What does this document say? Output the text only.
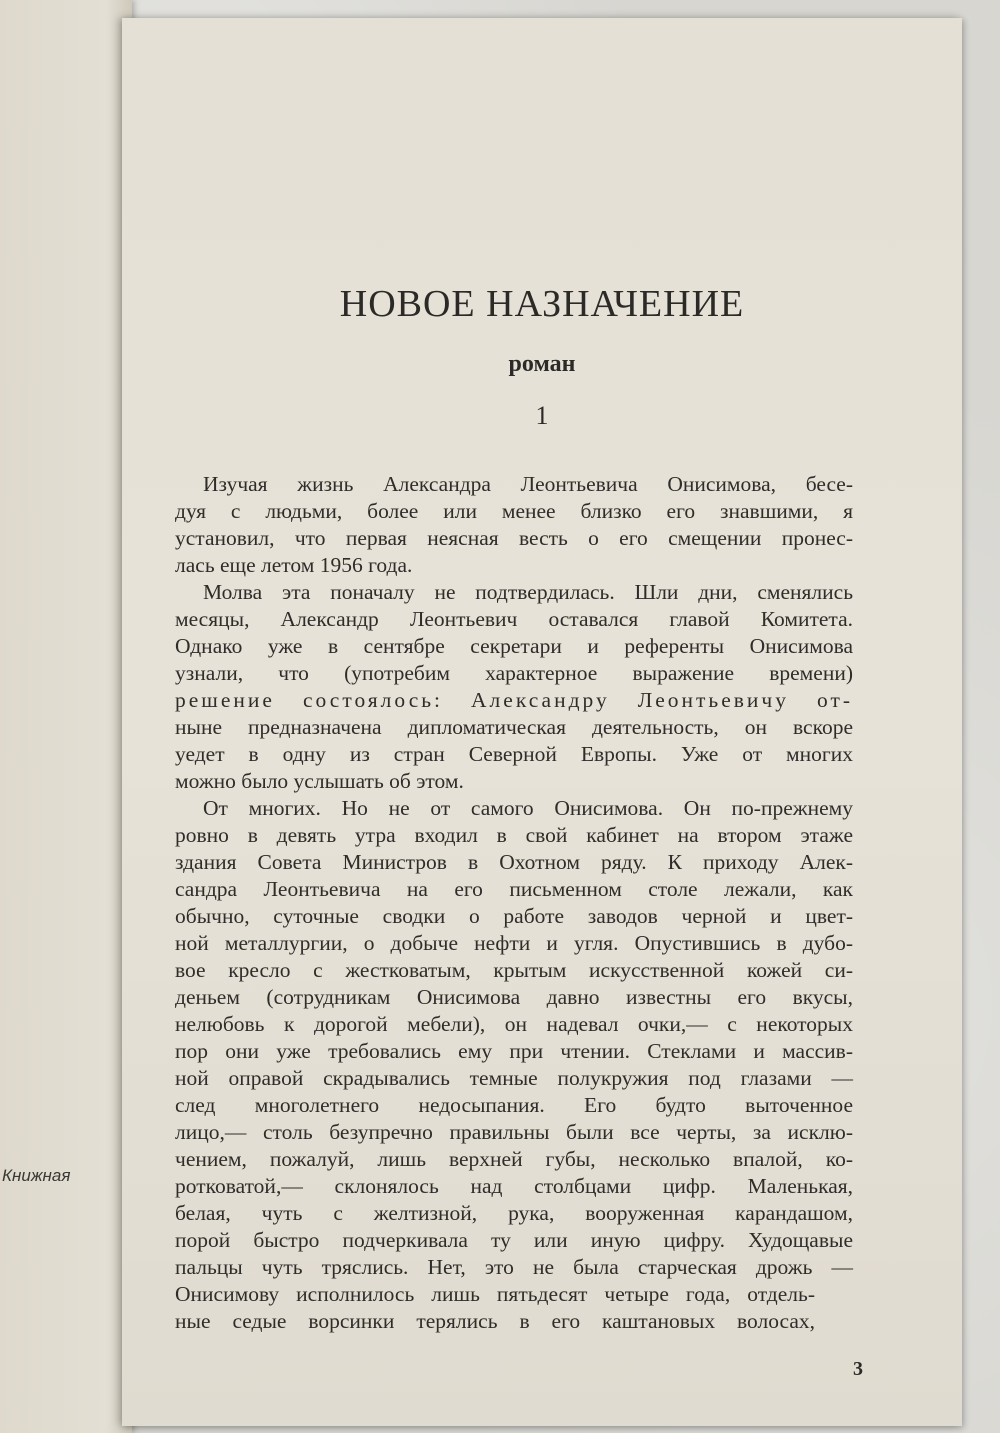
Книжная
НОВОЕ НАЗНАЧЕНИЕ

роман

1

Изучая жизнь Александра Леонтьевича Онисимова, бесе-

дуя с людьми, более или менее близко его знавшими, я

установил, что первая неясная весть о его смещении пронес-

лась еще летом 1956 года.

Молва эта поначалу не подтвердилась. Шли дни, сменялись

месяцы, Александр Леонтьевич оставался главой Комитета.

Однако уже в сентябре секретари и референты Онисимова

узнали, что (употребим характерное выражение времени)

решение состоялось: Александру Леонтьевичу от-

ныне предназначена дипломатическая деятельность, он вскоре

уедет в одну из стран Северной Европы. Уже от многих

можно было услышать об этом.

От многих. Но не от самого Онисимова. Он по-прежнему

ровно в девять утра входил в свой кабинет на втором этаже

здания Совета Министров в Охотном ряду. К приходу Алек-

сандра Леонтьевича на его письменном столе лежали, как

обычно, суточные сводки о работе заводов черной и цвет-

ной металлургии, о добыче нефти и угля. Опустившись в дубо-

вое кресло с жестковатым, крытым искусственной кожей си-

деньем (сотрудникам Онисимова давно известны его вкусы,

нелюбовь к дорогой мебели), он надевал очки,— с некоторых

пор они уже требовались ему при чтении. Стеклами и массив-

ной оправой скрадывались темные полукружия под глазами —

след многолетнего недосыпания. Его будто выточенное

лицо,— столь безупречно правильны были все черты, за исклю-

чением, пожалуй, лишь верхней губы, несколько впалой, ко-

ротковатой,— склонялось над столбцами цифр. Маленькая,

белая, чуть с желтизной, рука, вооруженная карандашом,

порой быстро подчеркивала ту или иную цифру. Худощавые

пальцы чуть тряслись. Нет, это не была старческая дрожь —

Онисимову исполнилось лишь пятьдесят четыре года, отдель-

ные седые ворсинки терялись в его каштановых волосах,

3
